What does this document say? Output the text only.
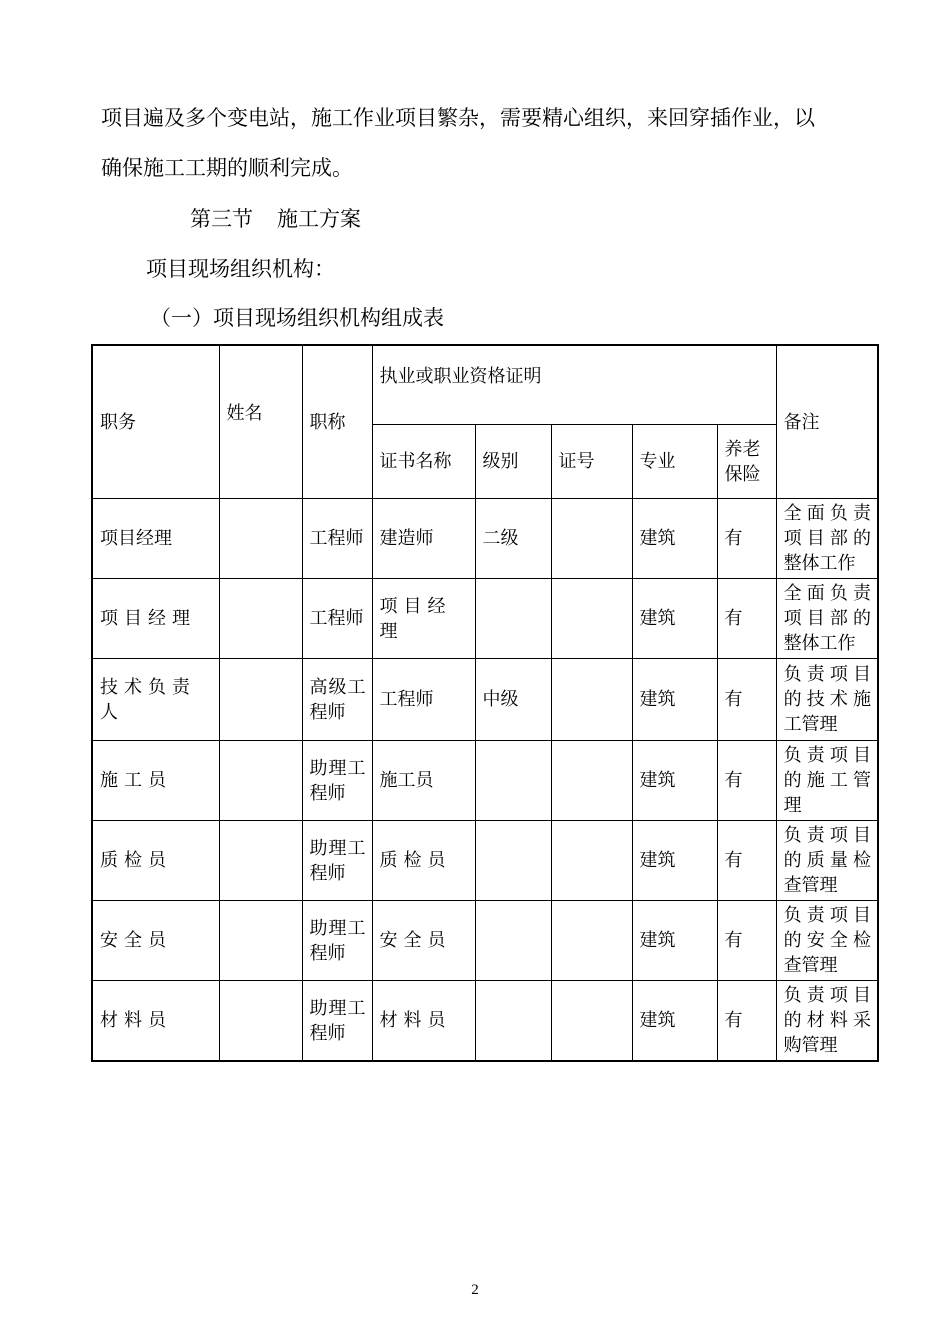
项目遍及多个变电站，施工作业项目繁杂，需要精心组织，来回穿插作业，以

确保施工工期的顺利完成。

第三节 施工方案

项目现场组织机构：

（一）项目现场组织机构组成表

职务	姓名	职称	执业或职业资格证明					备注
			证书名称	级别	证号	专业	养老保险	
项目经理		工程师	建造师	二级		建筑	有	全面负责项目部的整体工作
项目经理		工程师	项目经理			建筑	有	全面负责项目部的整体工作
技术负责人		高级工程师	工程师	中级		建筑	有	负责项目的技术施工管理
施工员		助理工程师	施工员			建筑	有	负责项目的施工管理
质检员		助理工程师	质检员			建筑	有	负责项目的质量检查管理
安全员		助理工程师	安全员			建筑	有	负责项目的安全检查管理
材料员		助理工程师	材料员			建筑	有	负责项目的材料采购管理
2
